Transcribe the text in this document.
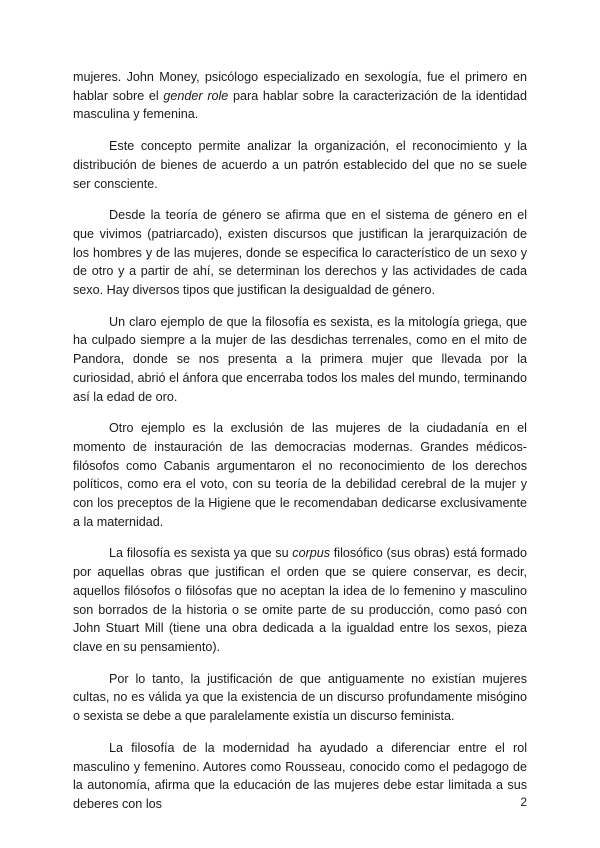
mujeres. John Money, psicólogo especializado en sexología, fue el primero en hablar sobre el gender role para hablar sobre la caracterización de la identidad masculina y femenina.

Este concepto permite analizar la organización, el reconocimiento y la distribución de bienes de acuerdo a un patrón establecido del que no se suele ser consciente.

Desde la teoría de género se afirma que en el sistema de género en el que vivimos (patriarcado), existen discursos que justifican la jerarquización de los hombres y de las mujeres, donde se especifica lo característico de un sexo y de otro y a partir de ahí, se determinan los derechos y las actividades de cada sexo. Hay diversos tipos que justifican la desigualdad de género.

Un claro ejemplo de que la filosofía es sexista, es la mitología griega, que ha culpado siempre a la mujer de las desdichas terrenales, como en el mito de Pandora, donde se nos presenta a la primera mujer que llevada por la curiosidad, abrió el ánfora que encerraba todos los males del mundo, terminando así la edad de oro.

Otro ejemplo es la exclusión de las mujeres de la ciudadanía en el momento de instauración de las democracias modernas. Grandes médicos-filósofos como Cabanis argumentaron el no reconocimiento de los derechos políticos, como era el voto, con su teoría de la debilidad cerebral de la mujer y con los preceptos de la Higiene que le recomendaban dedicarse exclusivamente a la maternidad.

La filosofía es sexista ya que su corpus filosófico (sus obras) está formado por aquellas obras que justifican el orden que se quiere conservar, es decir, aquellos filósofos o filósofas que no aceptan la idea de lo femenino y masculino son borrados de la historia o se omite parte de su producción, como pasó con John Stuart Mill (tiene una obra dedicada a la igualdad entre los sexos, pieza clave en su pensamiento).

Por lo tanto, la justificación de que antiguamente no existían mujeres cultas, no es válida ya que la existencia de un discurso profundamente misógino o sexista se debe a que paralelamente existía un discurso feminista.

La filosofía de la modernidad ha ayudado a diferenciar entre el rol masculino y femenino. Autores como Rousseau, conocido como el pedagogo de la autonomía, afirma que la educación de las mujeres debe estar limitada a sus deberes con los	2
